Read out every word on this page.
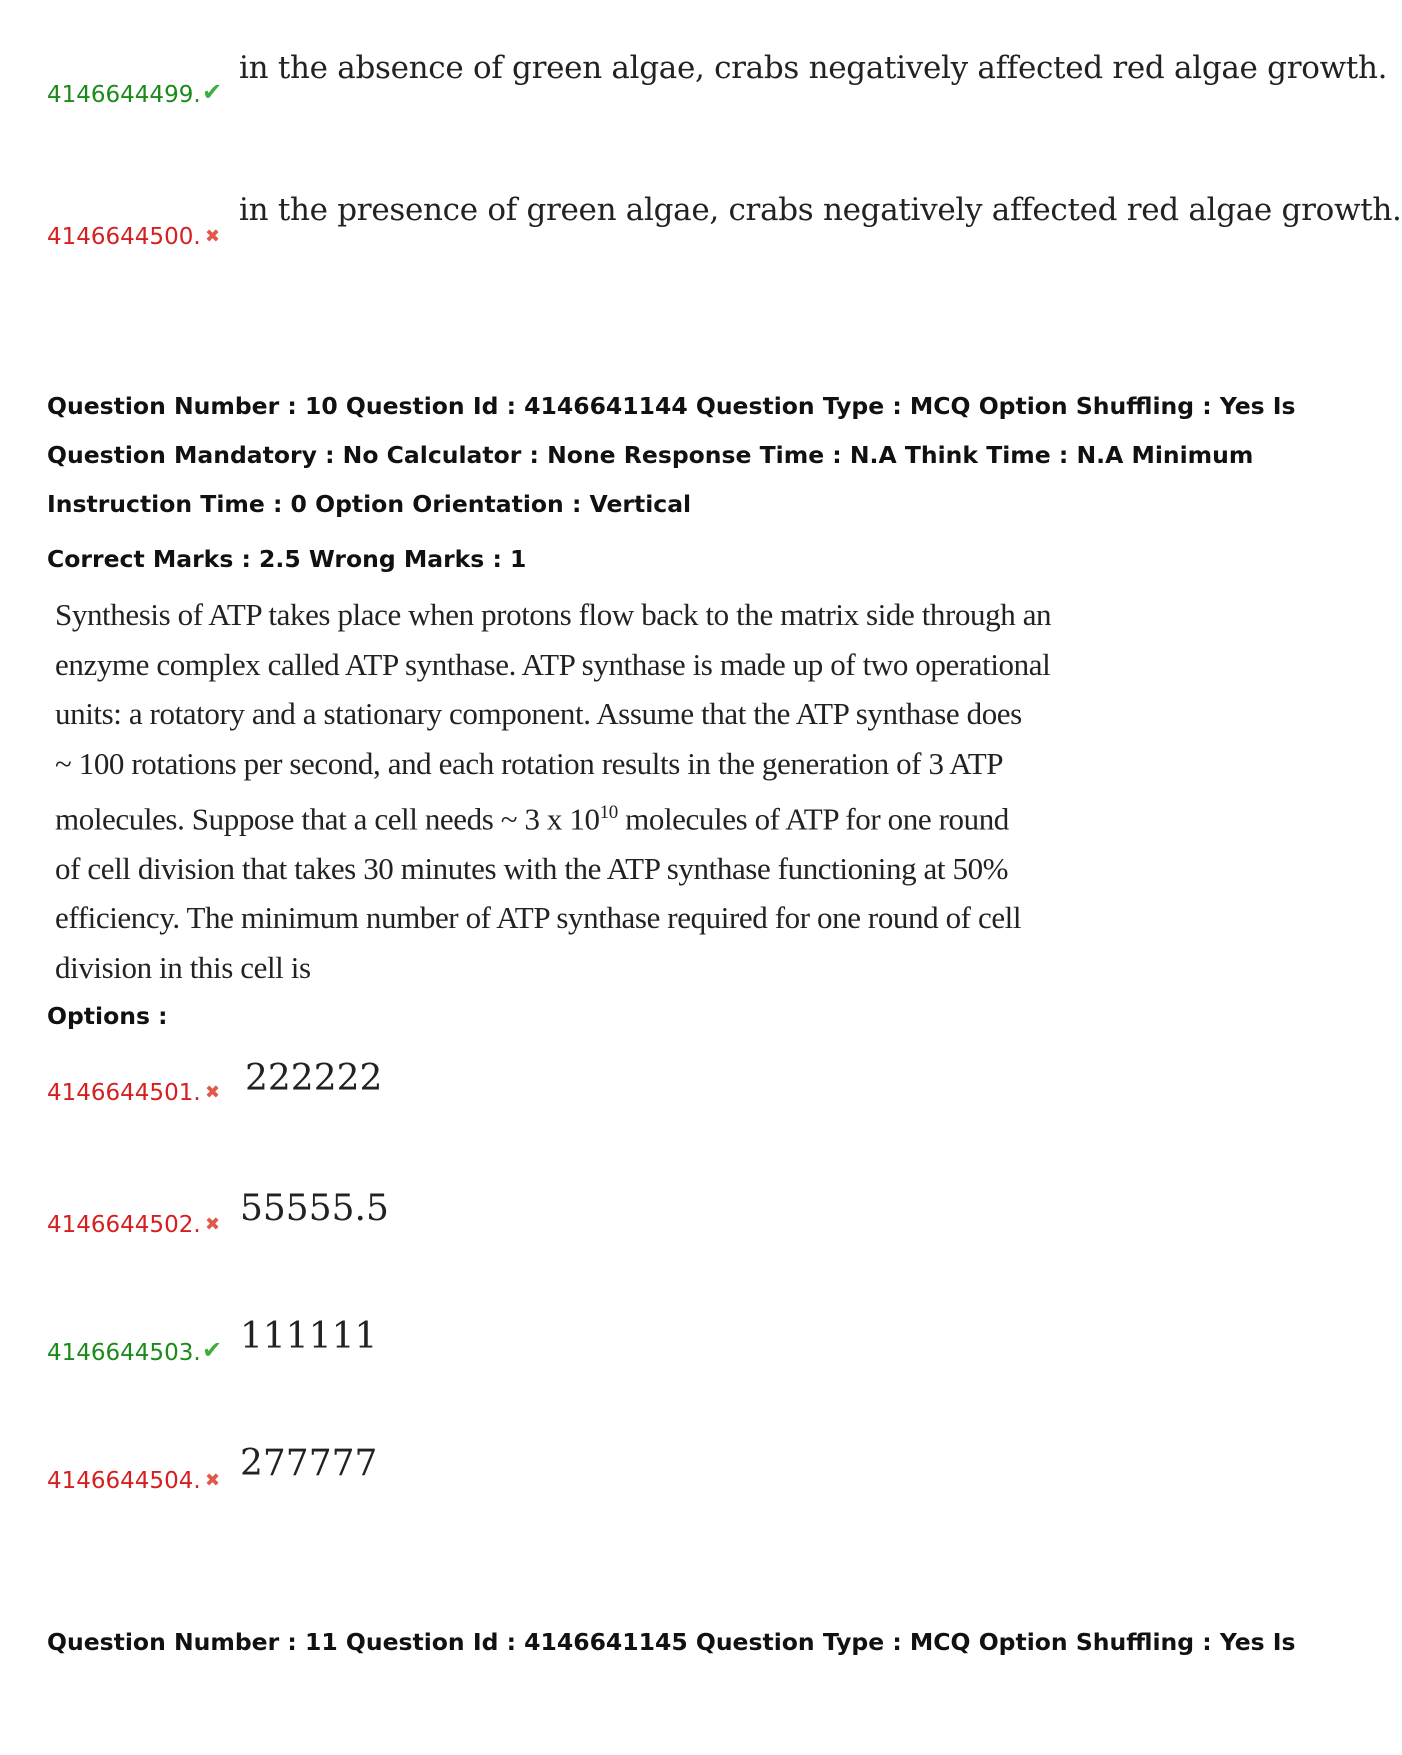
4146644499. ✔
in the absence of green algae, crabs negatively affected red algae growth.
4146644500. ✖
in the presence of green algae, crabs negatively affected red algae growth.
Question Number : 10 Question Id : 4146641144 Question Type : MCQ Option Shuffling : Yes Is
Question Mandatory : No Calculator : None Response Time : N.A Think Time : N.A Minimum
Instruction Time : 0 Option Orientation : Vertical
Correct Marks : 2.5 Wrong Marks : 1
Synthesis of ATP takes place when protons flow back to the matrix side through an
enzyme complex called ATP synthase. ATP synthase is made up of two operational
units: a rotatory and a stationary component. Assume that the ATP synthase does
~ 100 rotations per second, and each rotation results in the generation of 3 ATP
molecules. Suppose that a cell needs ~ 3 x $10^{10}$ molecules of ATP for one round
of cell division that takes 30 minutes with the ATP synthase functioning at 50%
efficiency. The minimum number of ATP synthase required for one round of cell
division in this cell is
Options :
4146644501. ✖ 222222
4146644502. ✖ 55555.5
4146644503. ✔ 111111
4146644504. ✖ 277777
Question Number : 11 Question Id : 4146641145 Question Type : MCQ Option Shuffling : Yes Is
